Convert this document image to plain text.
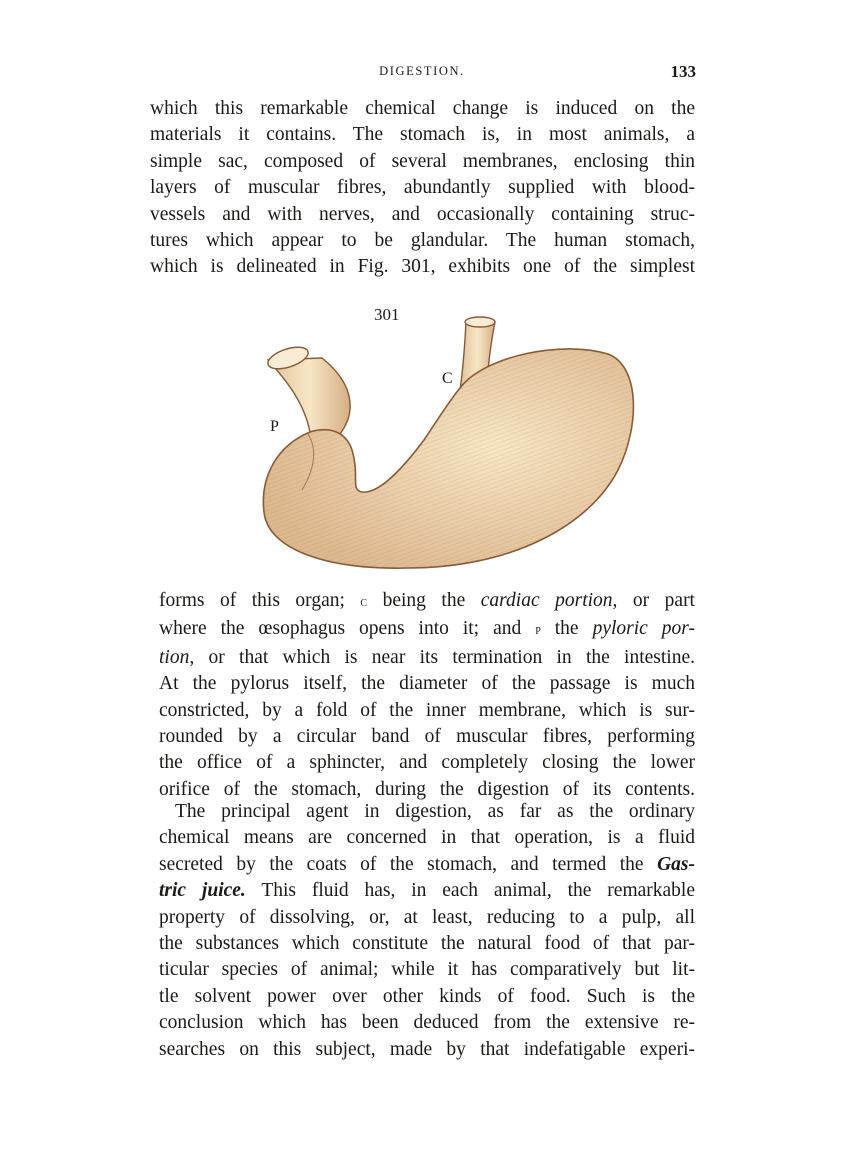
DIGESTION.	133

which this remarkable chemical change is induced on the
materials it contains. The stomach is, in most animals, a
simple sac, composed of several membranes, enclosing thin
layers of muscular fibres, abundantly supplied with blood-
vessels and with nerves, and occasionally containing struc-
tures which appear to be glandular. The human stomach,
which is delineated in Fig. 301, exhibits one of the simplest

301
C
P

forms of this organ; c being the cardiac portion, or part
where the œsophagus opens into it; and p the pyloric por-
tion, or that which is near its termination in the intestine.
At the pylorus itself, the diameter of the passage is much
constricted, by a fold of the inner membrane, which is sur-
rounded by a circular band of muscular fibres, performing
the office of a sphincter, and completely closing the lower
orifice of the stomach, during the digestion of its contents.

The principal agent in digestion, as far as the ordinary
chemical means are concerned in that operation, is a fluid
secreted by the coats of the stomach, and termed the Gas-
tric juice. This fluid has, in each animal, the remarkable
property of dissolving, or, at least, reducing to a pulp, all
the substances which constitute the natural food of that par-
ticular species of animal; while it has comparatively but lit-
tle solvent power over other kinds of food. Such is the
conclusion which has been deduced from the extensive re-
searches on this subject, made by that indefatigable experi-
